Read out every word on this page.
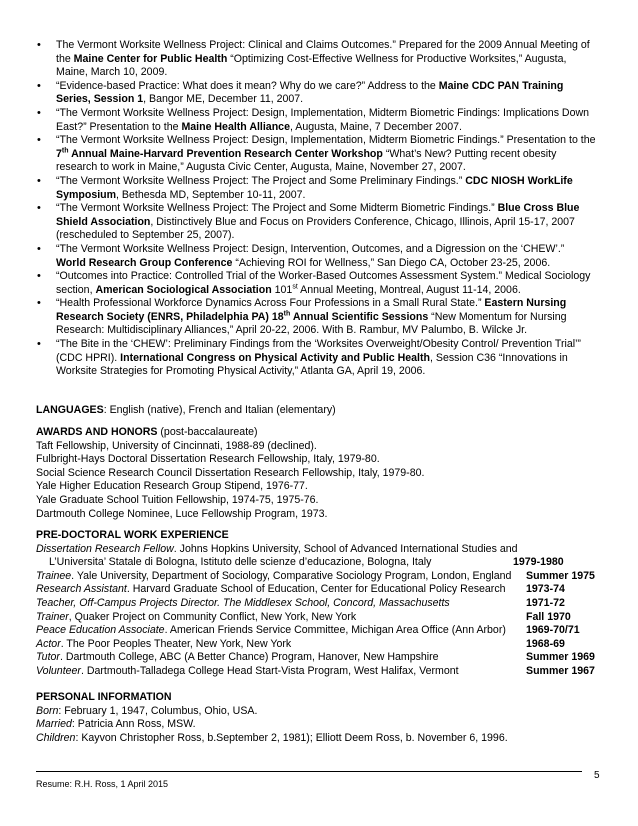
• The Vermont Worksite Wellness Project: Clinical and Claims Outcomes.” Prepared for the 2009 Annual Meeting of the Maine Center for Public Health “Optimizing Cost-Effective Wellness for Productive Worksites,” Augusta, Maine, March 10, 2009.
• “Evidence-based Practice: What does it mean? Why do we care?” Address to the Maine CDC PAN Training Series, Session 1, Bangor ME, December 11, 2007.
• “The Vermont Worksite Wellness Project: Design, Implementation, Midterm Biometric Findings: Implications Down East?” Presentation to the Maine Health Alliance, Augusta, Maine, 7 December 2007.
• “The Vermont Worksite Wellness Project: Design, Implementation, Midterm Biometric Findings.” Presentation to the 7th Annual Maine-Harvard Prevention Research Center Workshop “What’s New? Putting recent obesity research to work in Maine,” Augusta Civic Center, Augusta, Maine, November 27, 2007.
• “The Vermont Worksite Wellness Project: The Project and Some Preliminary Findings.” CDC NIOSH WorkLife Symposium, Bethesda MD, September 10-11, 2007.
• “The Vermont Worksite Wellness Project: The Project and Some Midterm Biometric Findings.” Blue Cross Blue Shield Association, Distinctively Blue and Focus on Providers Conference, Chicago, Illinois, April 15-17, 2007 (rescheduled to September 25, 2007).
• “The Vermont Worksite Wellness Project: Design, Intervention, Outcomes, and a Digression on the ‘CHEW’.” World Research Group Conference “Achieving ROI for Wellness,” San Diego CA, October 23-25, 2006.
• “Outcomes into Practice: Controlled Trial of the Worker-Based Outcomes Assessment System.” Medical Sociology section, American Sociological Association 101st Annual Meeting, Montreal, August 11-14, 2006.
• “Health Professional Workforce Dynamics Across Four Professions in a Small Rural State.” Eastern Nursing Research Society (ENRS, Philadelphia PA) 18th Annual Scientific Sessions “New Momentum for Nursing Research: Multidisciplinary Alliances,” April 20-22, 2006. With B. Rambur, MV Palumbo, B. Wilcke Jr.
• “The Bite in the ‘CHEW’: Preliminary Findings from the ‘Worksites Overweight/Obesity Control/ Prevention Trial’” (CDC HPRI). International Congress on Physical Activity and Public Health, Session C36 “Innovations in Worksite Strategies for Promoting Physical Activity,” Atlanta GA, April 19, 2006.
LANGUAGES: English (native), French and Italian (elementary)
AWARDS AND HONORS (post-baccalaureate)
Taft Fellowship, University of Cincinnati, 1988-89 (declined).
Fulbright-Hays Doctoral Dissertation Research Fellowship, Italy, 1979-80.
Social Science Research Council Dissertation Research Fellowship, Italy, 1979-80.
Yale Higher Education Research Group Stipend, 1976-77.
Yale Graduate School Tuition Fellowship, 1974-75, 1975-76.
Dartmouth College Nominee, Luce Fellowship Program, 1973.
PRE-DOCTORAL WORK EXPERIENCE
Dissertation Research Fellow. Johns Hopkins University, School of Advanced International Studies and
L’Universita’ Statale di Bologna, Istituto delle scienze d’educazione, Bologna, Italy	1979-1980
Trainee. Yale University, Department of Sociology, Comparative Sociology Program, London, England Summer 1975
Research Assistant. Harvard Graduate School of Education, Center for Educational Policy Research 1973-74
Teacher, Off-Campus Projects Director. The Middlesex School, Concord, Massachusetts	1971-72
Trainer, Quaker Project on Community Conflict, New York, New York	Fall 1970
Peace Education Associate. American Friends Service Committee, Michigan Area Office (Ann Arbor) 1969-70/71
Actor. The Poor Peoples Theater, New York, New York	1968-69
Tutor. Dartmouth College, ABC (A Better Chance) Program, Hanover, New Hampshire	Summer 1969
Volunteer. Dartmouth-Talladega College Head Start-Vista Program, West Halifax, Vermont	Summer 1967
PERSONAL INFORMATION
Born: February 1, 1947, Columbus, Ohio, USA.
Married: Patricia Ann Ross, MSW.
Children: Kayvon Christopher Ross, b.September 2, 1981); Elliott Deem Ross, b. November 6, 1996.
5
Resume: R.H. Ross, 1 April 2015
